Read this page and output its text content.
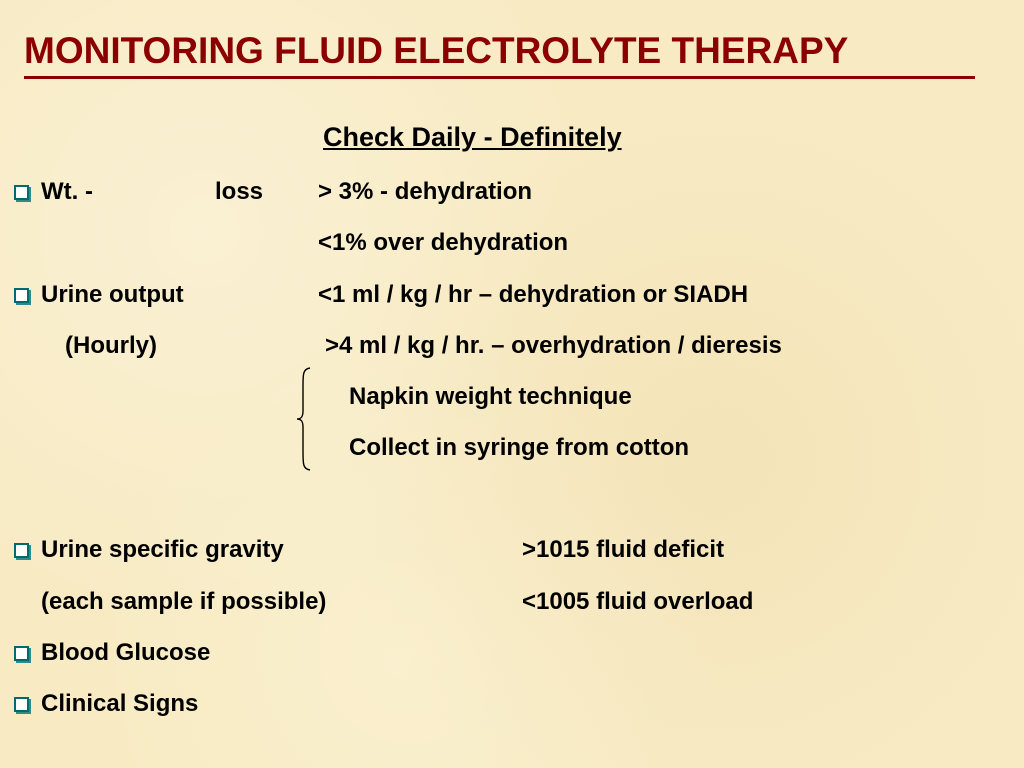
MONITORING FLUID ELECTROLYTE THERAPY
Check Daily - Definitely
Wt. -	loss > 3% - dehydration
<1% over dehydration
Urine output	<1 ml / kg / hr – dehydration or SIADH
(Hourly)	>4 ml / kg / hr. – overhydration / dieresis
Napkin weight technique
Collect in syringe from cotton
Urine specific gravity	>1015 fluid deficit
(each sample if possible)	<1005 fluid overload
Blood Glucose
Clinical Signs
